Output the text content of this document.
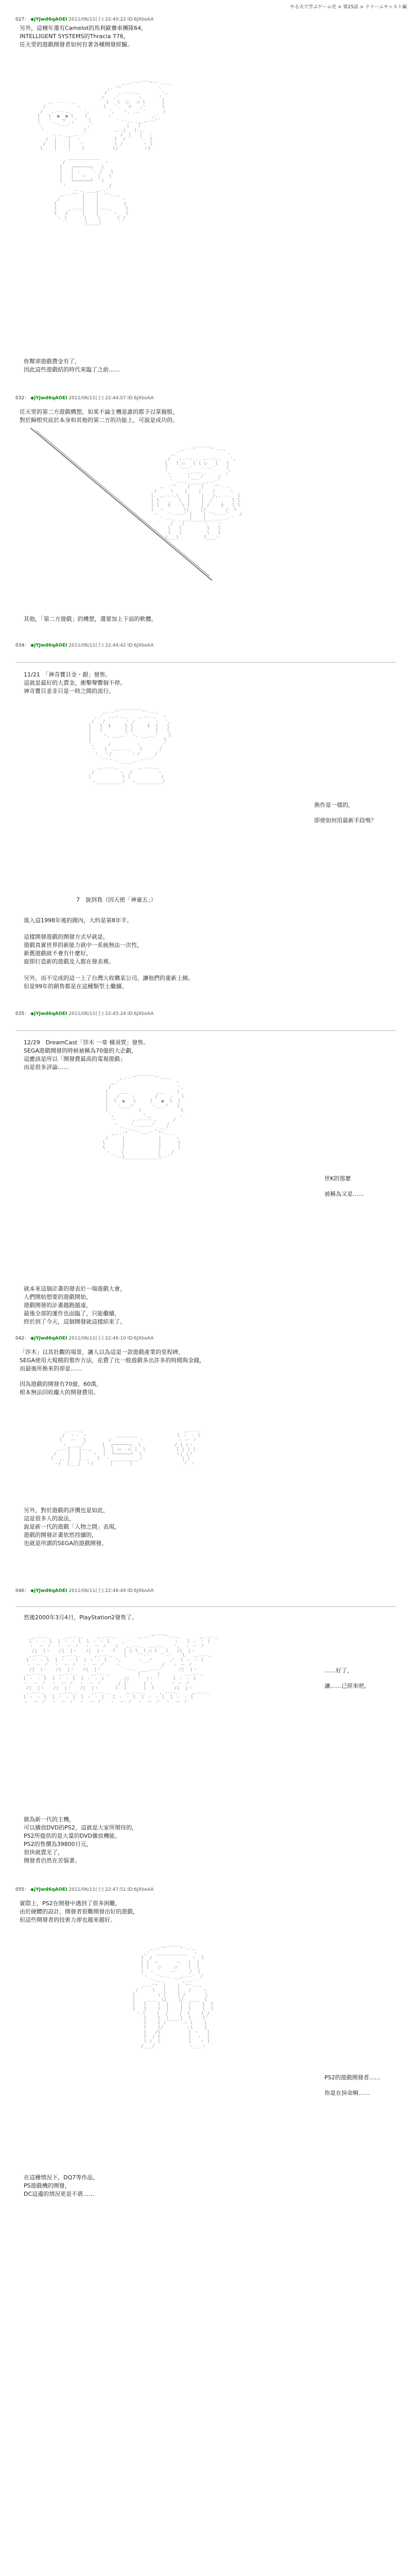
やる夫で学ぶゲーム史 > 第25話 > ドリームキャスト編
027： ◆jYJwd6qAOEI 2011/06/11(土) 22:40:22 ID:6JXboAA
另外，這種年還有Camelot的馬利歐賽車團隊64，
INTELLIGENT SYSTEMS的Thracia 776，
任天堂的遊戲開發者如何有著各種開發經驗。

,.-‐''"￣￣"'' ‐-.、
,. '"             ヽ
/    ,.-‐‐-.、       ',
/   ,'       ヽ      ',
,. -‐‐- .、          l   l  ○   ○ l      l
/           ヽ        l   '.   ▽   ,'      l
/   ,.-‐-.、    ',       ',   ヽ、_,. '      /
l   l  ●  ● l    l       ヽ              ,.'
l   '、  ワ  ,'    l         ` ‐-.、___,.-‐'´
',    `'‐-‐'´     ,'            |   |
ヽ              /          ,.-|   |-.、
` ‐-.、___,. -'´           /  |   |  ヽ
/  |    |  ヽ            l  /     ヽ  l
/   |    |   ヽ           l /       ヽ l
l    |    |    l          l/         ヽl

＿＿＿＿＿＿＿
/              ヽ
l   ┌──────┐   l
l   │ ・    ・ │   l
l   │   ー    │   l
l   └──────┘   l
ヽ               /
` ‐-.、___,.-‐'´
,.-‐'"  |    |  "'‐-.、
/        |    |        ヽ
l         |    |         l
l    ,.-‐-|    |-‐-.、    l
l   /     |    |     ヽ   l
ヽ l      |    |      l /
`'      |____|      '´

你幫卻遊戲費金有了，
因此這些遊戲結的時代來臨了之前……
032： ◆jYJwd6qAOEI 2011/06/11(土) 22:44:07 ID:6JXboAA
任天堂的第二方遊戲構想，如果不論主機是誰的都予以掌握般，
對於歸根究底於本身和其他的第二方的功能上，可說是成功的。

,.-‐'"￣￣￣"'‐-.、
,.'                 ヽ
/   ,.-‐-.、 ,.-‐-.、  ',
l   l ○   l l ○   l   l
l    '‐-‐'   '‐-‐'    l
',      ,.-‐-.、      ,'
ヽ     ヽ___ノ     /
` ‐-.、_____,.-‐'´
,. ‐'"    |    |    "'‐ .、
/     \    |    |    /     ヽ
l  ,.-‐-.\   |    |   /,.-‐-.  l
l l       \  |    |  /       l l
l l   ┼    \ |    | /    ┼   l l
l  ヽ       \|    |/       /  l
ヽ   `'‐--‐' |    | `'‐--‐'´   /
` ‐-.、____|____|____,.-‐'´
/   /       ヽ   ヽ
l   l         l   l
l   l         l   l
/___l         l___ヽ

其他，「第二方遊戲」的構想，還要加上下面的軟體。
034： ◆jYJwd6qAOEI 2011/06/11(土) 22:44:42 ID:6JXboAA
11/21　「神奇寶貝金・銀」發售。
這就是最好的大賣金，衝擊聲響個不停。
神奇寶貝並非只是一時之間的流行。

,.-‐'"￣￣￣￣￣"'‐-.、
,.'  ,.-‐-.、   ,.-‐-.、 ヽ
/   /       ヽ /       ヽ  ',
l   l  ┼     l l     ┼  l   l
l   l        l l        l   l
l    ヽ、___,.' ヽ、___,.'    l
l                          l
',     /         ヽ       ,'
ヽ   l  ,.-‐-.、  l      /
ヽ  ヽ/       ヽノ     /
`‐-.、         ,.-‐'
`'‐-‐-‐'´
,.-‐‐-.、      ,.-‐‐-.、
/         ヽ  /         ヽ
l           l l           l
ヽ_________ノ  ヽ_________ノ

換作是一樣的，

即使如何用最新手段嗎？

7　說到我（因天使「神童五」）
進入這1998年後的國內，大約是第8年半。

這樣開發遊戲的開發方式早就是，
遊戲真實世界的新能力就中一系統無法一次性，
新舊遊戲就不會有什麼好，
旋即打造新的遊戲及人都在發表裡。

另外，而不完成的這一上了台灣大收購某公司，讓他們的重新上線。
但是99年的銷售都是在這種類型上繼續。
035： ◆jYJwd6qAOEI 2011/06/11(土) 22:45:24 ID:6JXboAA
12/29　DreamCast「莎木 一章 橫須賀」發售。
SEGA遊戲開發的時候被稱為70億的大企劃，
這應該是所以「開發費最高的電視遊戲」
而是很多評論……

,.-‐'"￣￣￣￣"'‐-.、
,.'                    ヽ
/                        ',
l    ＿＿          ＿＿    l
l   /    ヽ       /    ヽ   l
l  l  ●   l     l   ●  l  l
l   ヽ___ノ      ヽ___ノ   l
l           l              l
',          ヽ__          ,'
ヽ      ,.-‐‐‐-.、     /
ヽ    ヽ______ノ    /
`'‐-.、      ,.-‐'´
,.-‐'"   `'‐‐'´  "'‐-.、
/     |            |     ヽ
l      |            |      l
l      |            |      l
ヽ    |            |    /
`'‐-|____________|-‐'´

世K的那麼

被稱為又是……

就本來這個計畫的發表於一場遊戲大會，
人們開始想要的遊戲開始，
遊戲開發的計畫越跑越遠，
最後全部的運作也面臨了，只能繼續，
終於到了今天，這個開發就這樣結束了。
042： ◆jYJwd6qAOEI 2011/06/11(土) 22:46:10 ID:6JXboAA
「莎木」以其壯觀的場景，讓人以為這是一款遊戲產業的里程碑，
SEGA使用大規模的製作方法，花費了比一般遊戲多出許多的時間與金錢，
而最後所換來的卻是……
因為遊戲的開發有70億，60萬，
根本無法回收龐大的開發費用。

,.-‐-.、                                   ,.-‐-.、
/  ・・ ヽ          ＿＿＿＿＿              l ・ ・ l
l   ー   l        /          ヽ            ヽ ー ノ
ヽ_____ノ      l  ┌──────┐  l            / | |ヽ
,.-‐|   |‐-.、   l  │ ｏ  ｏ │  l           l | | l
/    |   |    ヽ  l  └──────┘  l            ヽ| |ノ
l  ,. |   | .、  l  ヽ__________ノ              | |
ヽ/  |___|  ヽ/      |      |                  ノ ヽ

另外，對於遊戲的評價也是如此，
這是很多人的說法，
說是新一代的遊戲「人物之間」表現，
遊戲的開發計畫依然持續的，
也就是所謂的SEGA的遊戲開發。
046： ◆jYJwd6qAOEI 2011/06/11(土) 22:46:49 ID:6JXboAA
然後2000年3月4日，PlayStation2發售了。

,.-‐-.、    ,.-‐-.、    ,.-‐-.、       ,.-‐'"￣￣"'‐-.、      ,.-‐-.、
l ・ ・ l  l ・ ・ l  l ・ ・ l    ,.'                ヽ   l ・ ・ l
ヽ  ー ノ  ヽ  ー ノ  ヽ  ー ノ   /   ,.-‐-.  ,.-‐-.   ',  ヽ ー ノ
/|  |ヽ   /|  |ヽ   /|  |ヽ   l   l ○ l  l ○ l   l   /|  |ヽ
,.-‐-.、    ,.-‐-.、    ,.-‐-.、   l    `'‐'    `'‐'    l   ,.-‐-.、
l ・ ・ l  l ・ ・ l  l ・ ・ l   ',      ヽ__ノ      ,'  l ・ ・ l
ヽ  ー ノ  ヽ  ー ノ  ヽ  ー ノ    ヽ               /   ヽ ー ノ
/|  |ヽ   /|  |ヽ   /|  |ヽ       `'‐-.、___,.-‐'´     /|  |ヽ
,.-‐-.、    ,.-‐-.、    ,.-‐-.、         |      |         ,.-‐-.、
l ・ ・ l  l ・ ・ l  l ・ ・ l       /|      |ヽ       l ・ ・ l
ヽ  ー ノ  ヽ  ー ノ  ヽ  ー ノ      / |      | ヽ      ヽ ー ノ
/|  |ヽ   /|  |ヽ   /|  |ヽ      l  |      |  l       /|  |ヽ
,.-‐-.、    ,.-‐-.、    ,.-‐-.、     ,.-‐-.、    ,.-‐-.、    ,.-‐-.、
l ・ ・ l  l ・ ・ l  l ・ ・ l   l ・ ・ l  l ・ ・ l  l ・ ・ l
ヽ  ー ノ  ヽ  ー ノ  ヽ  ー ノ   ヽ  ー ノ  ヽ  ー ノ  ヽ  ー ノ

……好了，

讓……已經來吧。

做為新一代的主機，
可以播放DVD的PS2，這就是大家所期待的，
PS2所提供的是大量的DVD播放機能，
PS2的售價為39800日元，
很快就賣光了，
開發者仍然在苦惱著。
055： ◆jYJwd6qAOEI 2011/06/11(土) 22:47:51 ID:6JXboAA
實際上，PS2在開發中遇到了很多困難，
由於硬體的設計，開發者很難開發出好的遊戲，
但這些開發者的技術力卻也越來越好。

,.-‐'"￣￣￣"'‐-.、
,'  ＿＿＿＿＿＿＿  ヽ
l  /              ヽ  l
l l  ─       ─   l  l
l l   ○     ○    l  l
l  ヽ      ー     /  l
ヽ  `'‐-.、___,.-‐'  /
`'‐-.、     ,.-‐'´
,.-‐'"  |    |  "'‐-.、
/     \   |    |   /    ヽ
l        \ |    | /       l
l    ＿＿  \|    |/  ＿＿  l
l   l    l  |    |  l    l  l
l   l    l  |    |  l    l  l
ヽ l    l  |    |  l    l /
`l    l  |____|  l    l´
l    l /      ヽ l    l
l    l/        ヽl    l
l   /l          l ヽ   l
l  / l          l  ヽ  l
l /  l          l   ヽ l
/___/            ヽ___ヽ

PS2的遊戲開發者……

你是在拚命啊……

在這種情況下，DQ7等作品，
PS遊戲機的開發，
DC這邊的情況更是不堪……
